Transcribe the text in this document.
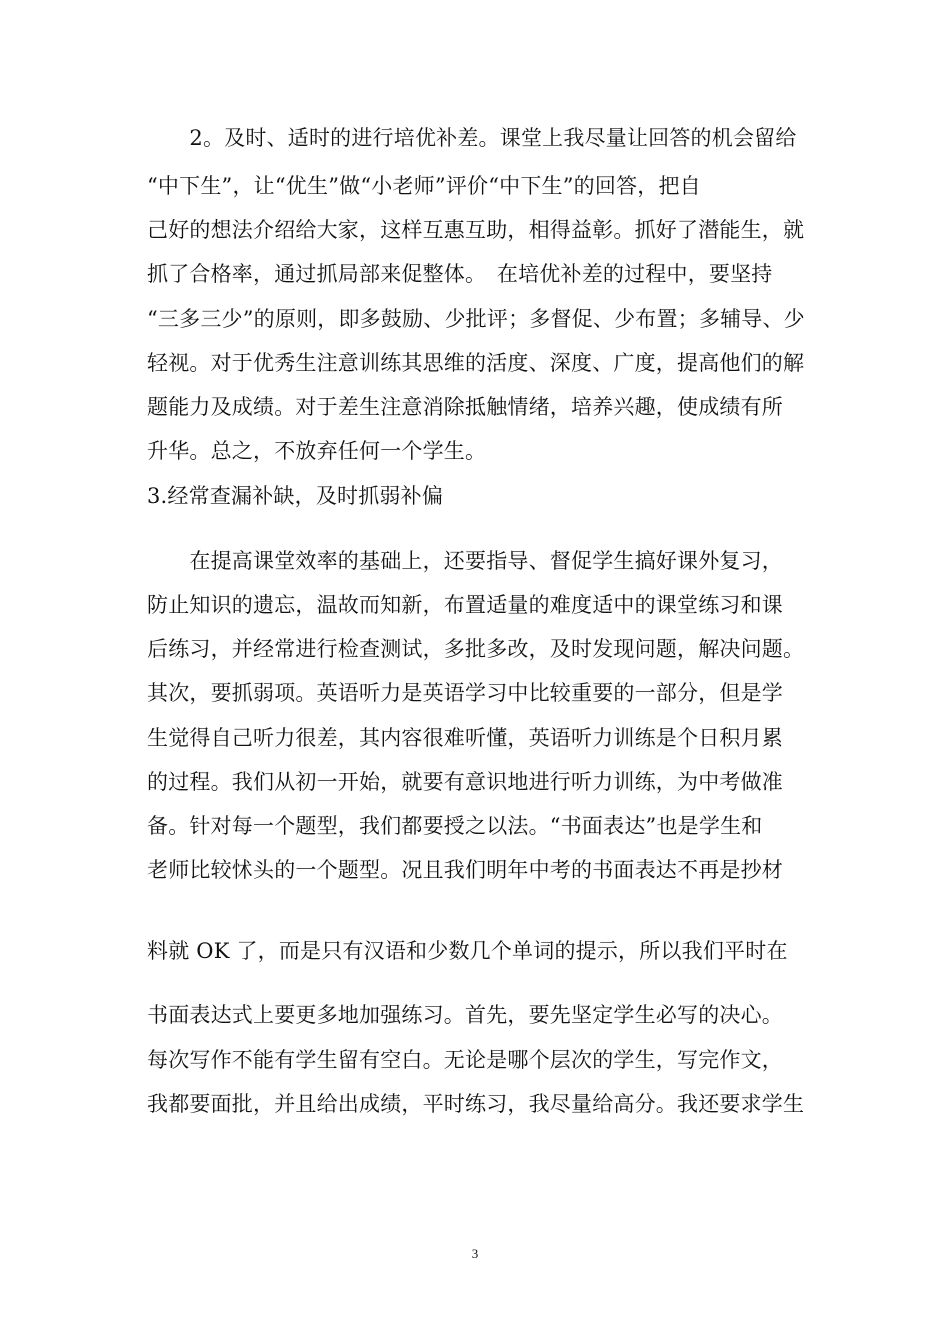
　　2。及时、适时的进行培优补差。课堂上我尽量让回答的机会留给
“中下生”，让“优生”做“小老师”评价“中下生”的回答，把自
己好的想法介绍给大家，这样互惠互助，相得益彰。抓好了潜能生，就
抓了合格率，通过抓局部来促整体。　在培优补差的过程中，要坚持
“三多三少”的原则，即多鼓励、少批评；多督促、少布置；多辅导、少
轻视。对于优秀生注意训练其思维的活度、深度、广度，提高他们的解
题能力及成绩。对于差生注意消除抵触情绪，培养兴趣，使成绩有所
升华。总之，不放弃任何一个学生。
3.经常查漏补缺，及时抓弱补偏
　　在提高课堂效率的基础上，还要指导、督促学生搞好课外复习，
防止知识的遗忘，温故而知新，布置适量的难度适中的课堂练习和课
后练习，并经常进行检查测试，多批多改，及时发现问题，解决问题。
其次，要抓弱项。英语听力是英语学习中比较重要的一部分，但是学
生觉得自己听力很差，其内容很难听懂，英语听力训练是个日积月累
的过程。我们从初一开始，就要有意识地进行听力训练，为中考做准
备。针对每一个题型，我们都要授之以法。“书面表达”也是学生和
老师比较怵头的一个题型。况且我们明年中考的书面表达不再是抄材
料就 OK 了，而是只有汉语和少数几个单词的提示，所以我们平时在
书面表达式上要更多地加强练习。首先，要先坚定学生必写的决心。
每次写作不能有学生留有空白。无论是哪个层次的学生，写完作文，
我都要面批，并且给出成绩，平时练习，我尽量给高分。我还要求学生
3
